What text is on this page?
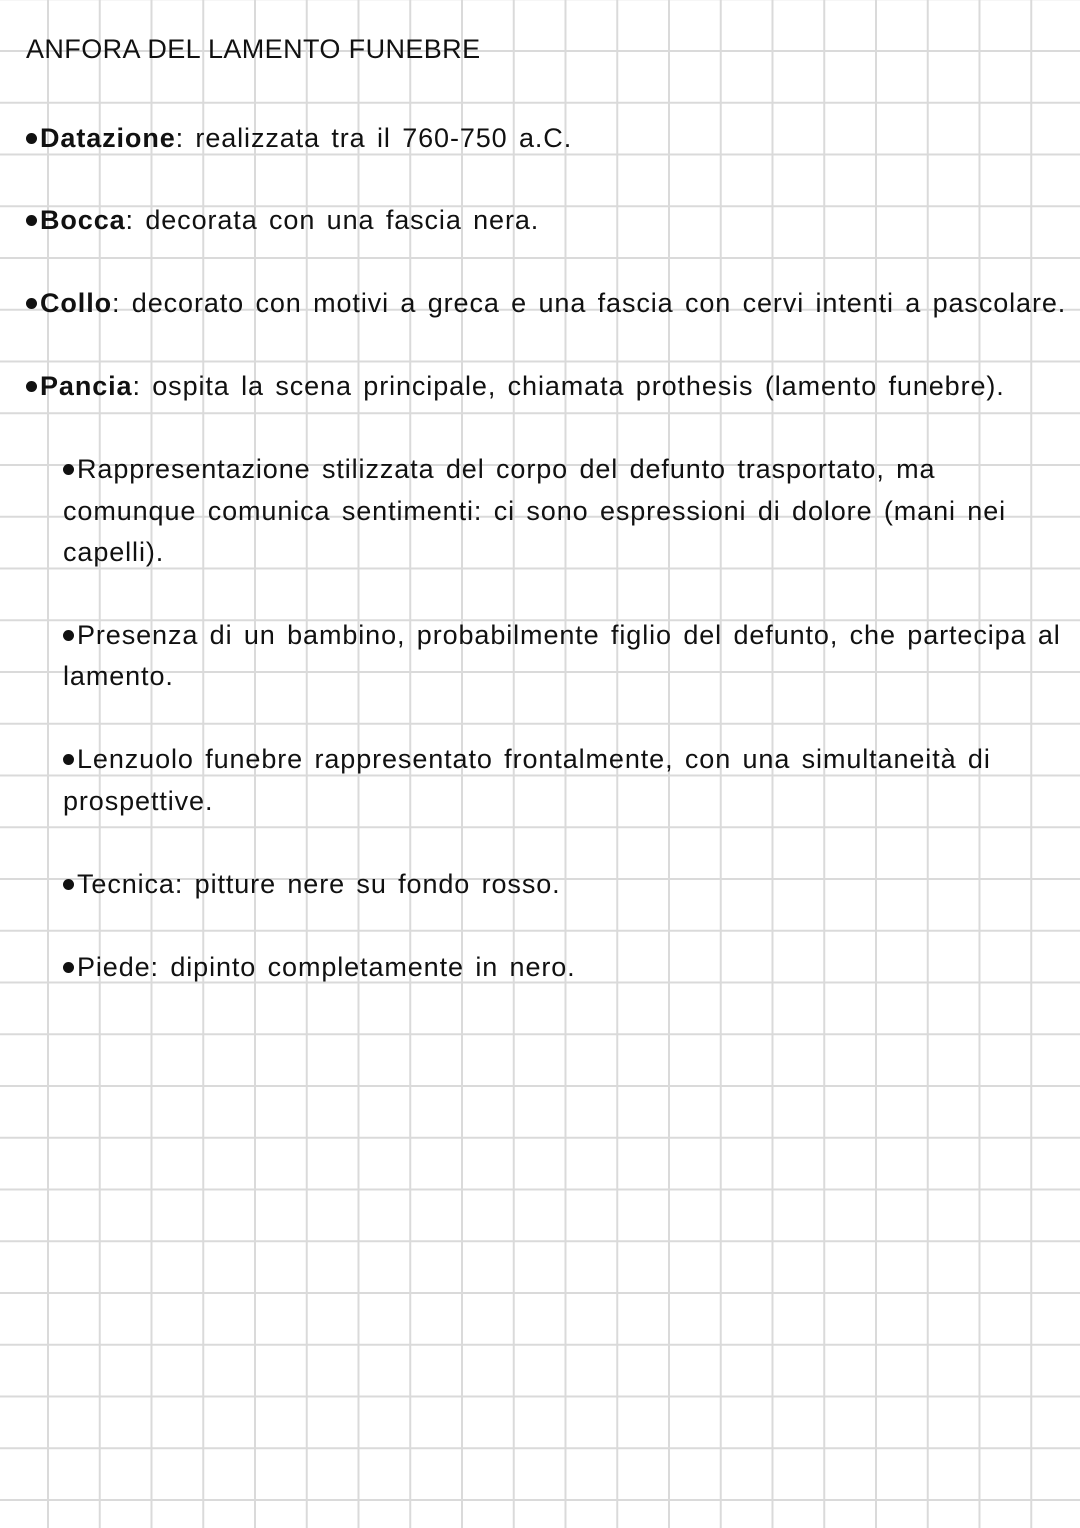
ANFORA DEL LAMENTO FUNEBRE
Datazione: realizzata tra il 760-750 a.C.
Bocca: decorata con una fascia nera.
Collo: decorato con motivi a greca e una fascia con cervi intenti a pascolare.
Pancia: ospita la scena principale, chiamata prothesis (lamento funebre).
Rappresentazione stilizzata del corpo del defunto trasportato, ma
comunque comunica sentimenti: ci sono espressioni di dolore (mani nei
capelli).
Presenza di un bambino, probabilmente figlio del defunto, che partecipa al
lamento.
Lenzuolo funebre rappresentato frontalmente, con una simultaneità di
prospettive.
Tecnica: pitture nere su fondo rosso.
Piede: dipinto completamente in nero.
